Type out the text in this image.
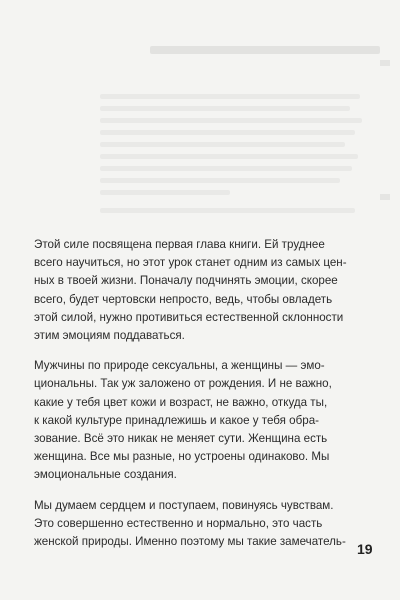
Этой силе посвящена первая глава книги. Ей труднее
всего научиться, но этот урок станет одним из самых цен-
ных в твоей жизни. Поначалу подчинять эмоции, скорее
всего, будет чертовски непросто, ведь, чтобы овладеть
этой силой, нужно противиться естественной склонности
этим эмоциям поддаваться.

Мужчины по природе сексуальны, а женщины — эмо-
циональны. Так уж заложено от рождения. И не важно,
какие у тебя цвет кожи и возраст, не важно, откуда ты,
к какой культуре принадлежишь и какое у тебя обра-
зование. Всё это никак не меняет сути. Женщина есть
женщина. Все мы разные, но устроены одинаково. Мы
эмоциональные создания.

Мы думаем сердцем и поступаем, повинуясь чувствам.
Это совершенно естественно и нормально, это часть
женской природы. Именно поэтому мы такие замечатель- 19
